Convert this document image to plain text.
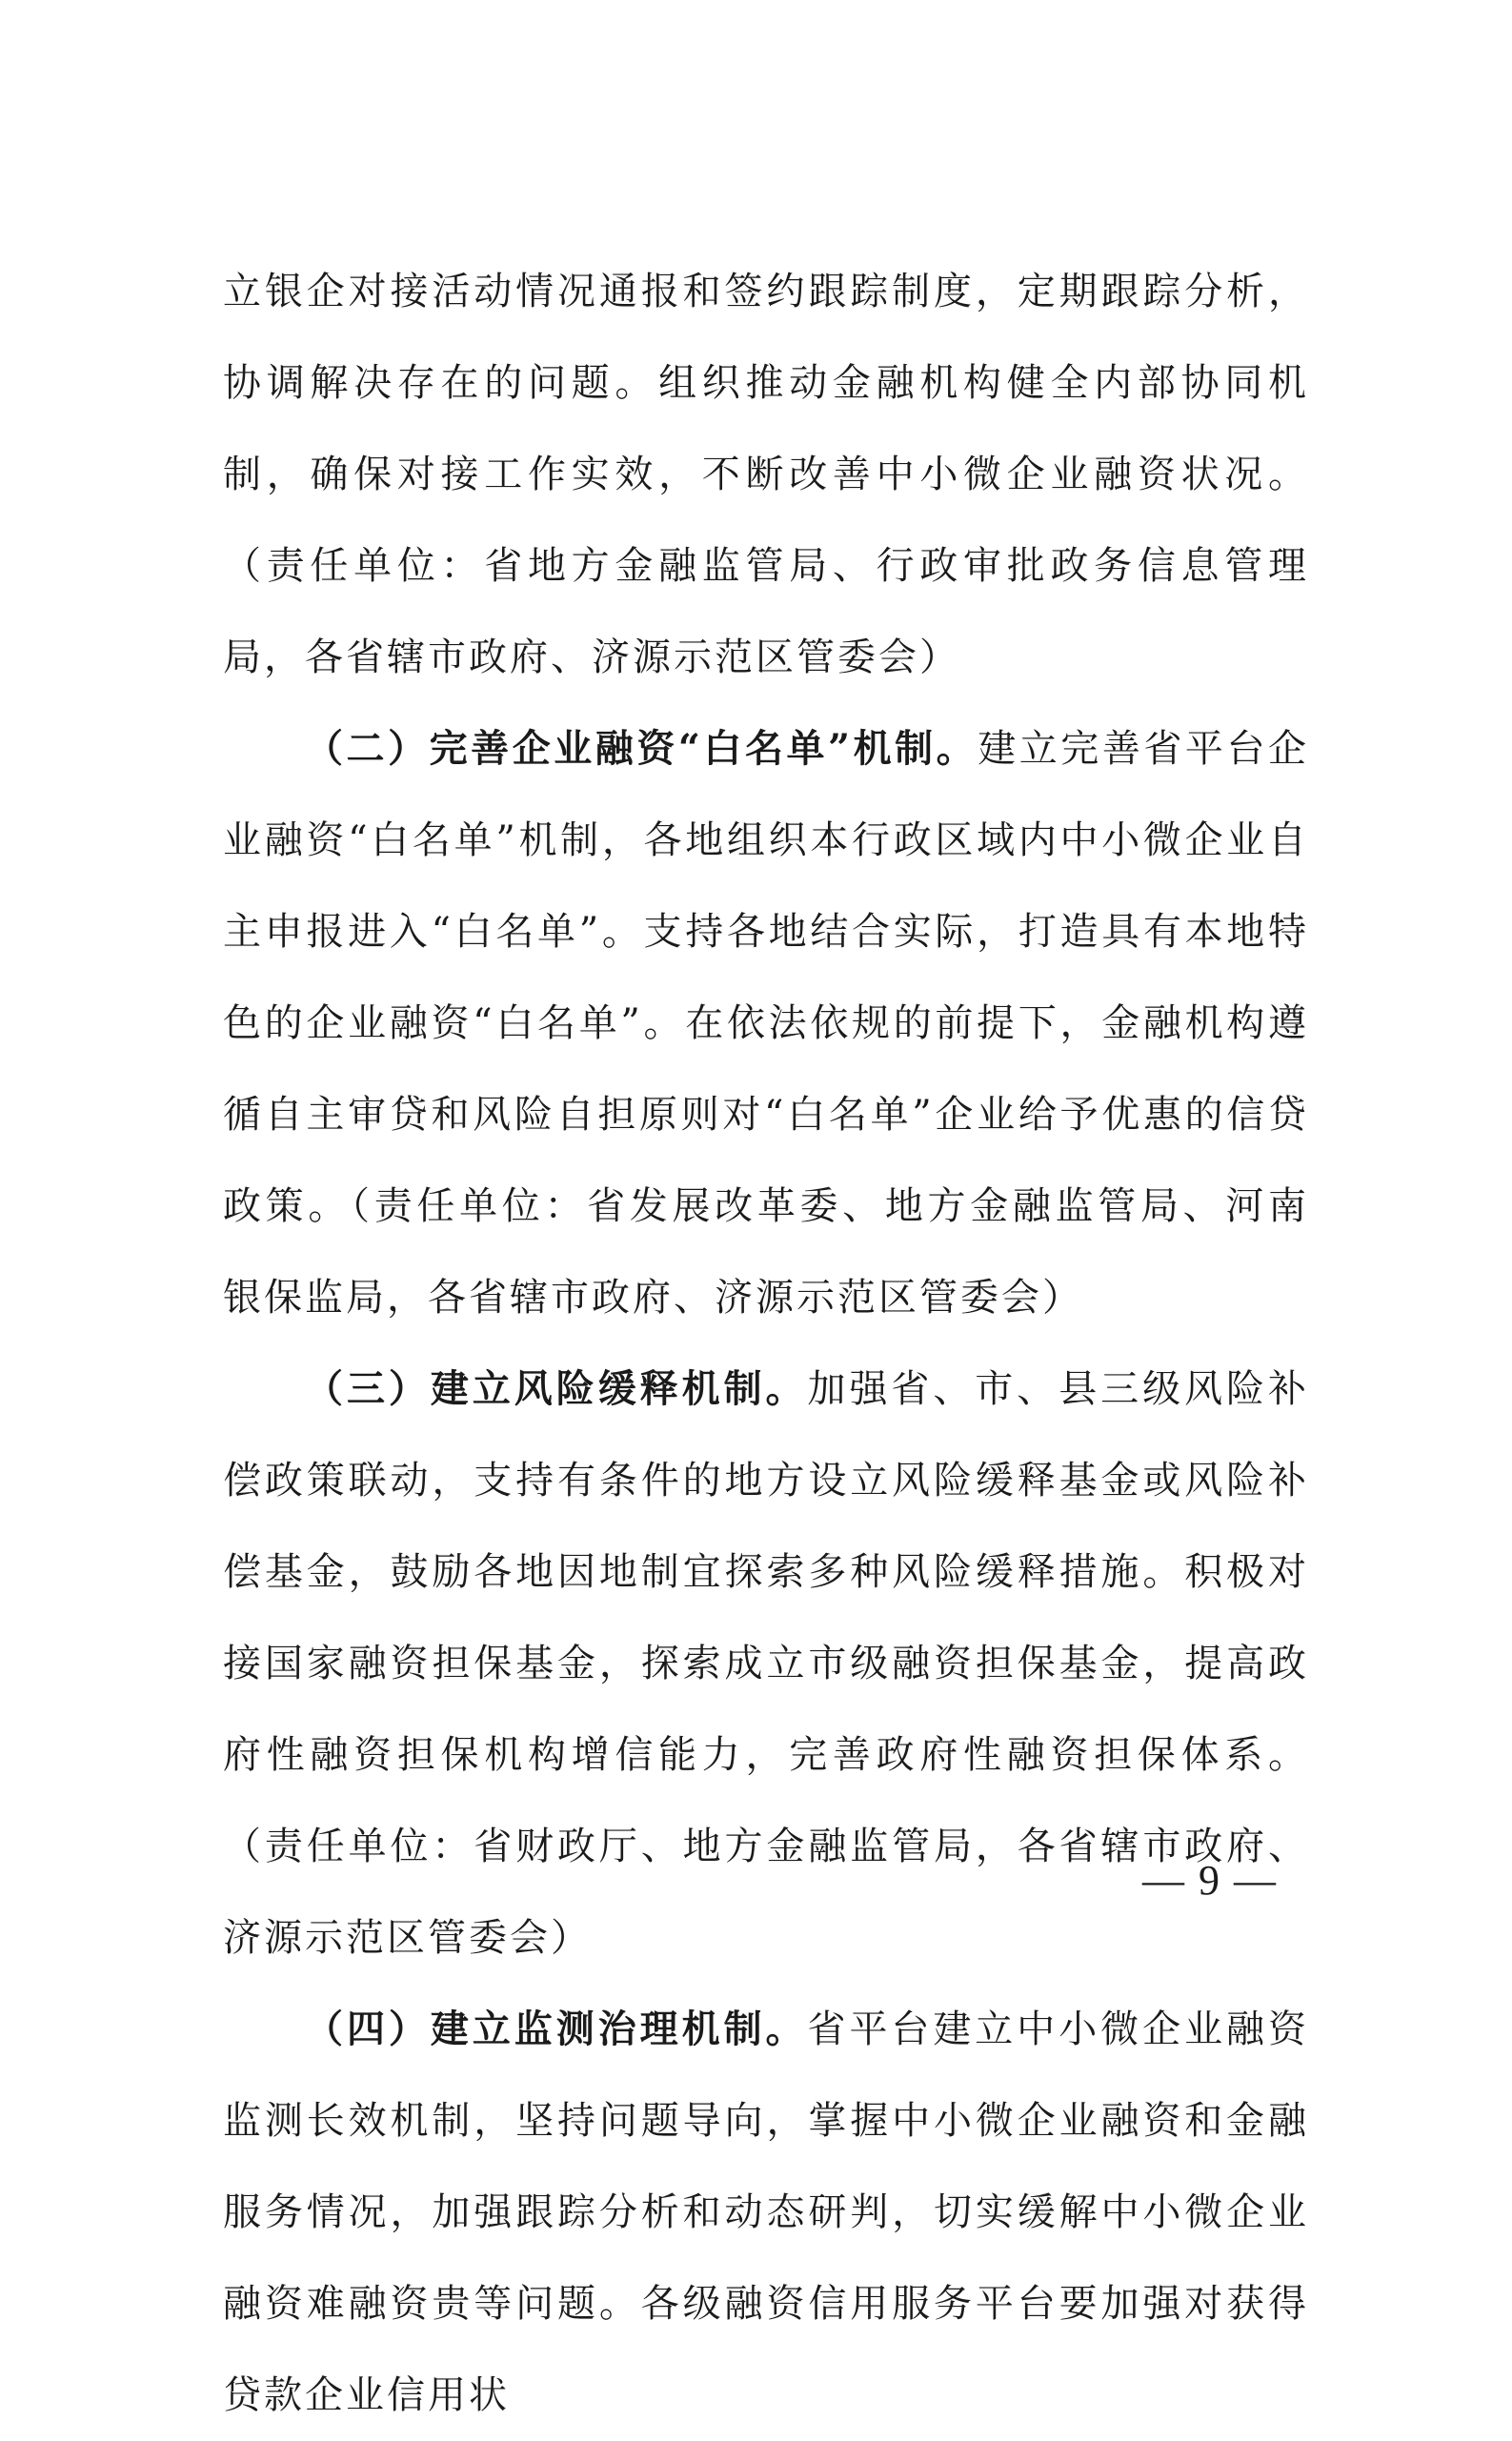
立银企对接活动情况通报和签约跟踪制度，定期跟踪分析，协调解决存在的问题。组织推动金融机构健全内部协同机制，确保对接工作实效，不断改善中小微企业融资状况。（责任单位：省地方金融监管局、行政审批政务信息管理局，各省辖市政府、济源示范区管委会）

（二）完善企业融资“白名单”机制。建立完善省平台企业融资“白名单”机制，各地组织本行政区域内中小微企业自主申报进入“白名单”。支持各地结合实际，打造具有本地特色的企业融资“白名单”。在依法依规的前提下，金融机构遵循自主审贷和风险自担原则对“白名单”企业给予优惠的信贷政策。（责任单位：省发展改革委、地方金融监管局、河南银保监局，各省辖市政府、济源示范区管委会）

（三）建立风险缓释机制。加强省、市、县三级风险补偿政策联动，支持有条件的地方设立风险缓释基金或风险补偿基金，鼓励各地因地制宜探索多种风险缓释措施。积极对接国家融资担保基金，探索成立市级融资担保基金，提高政府性融资担保机构增信能力，完善政府性融资担保体系。（责任单位：省财政厅、地方金融监管局，各省辖市政府、济源示范区管委会）

（四）建立监测治理机制。省平台建立中小微企业融资监测长效机制，坚持问题导向，掌握中小微企业融资和金融服务情况，加强跟踪分析和动态研判，切实缓解中小微企业融资难融资贵等问题。各级融资信用服务平台要加强对获得贷款企业信用状

— 9 —
